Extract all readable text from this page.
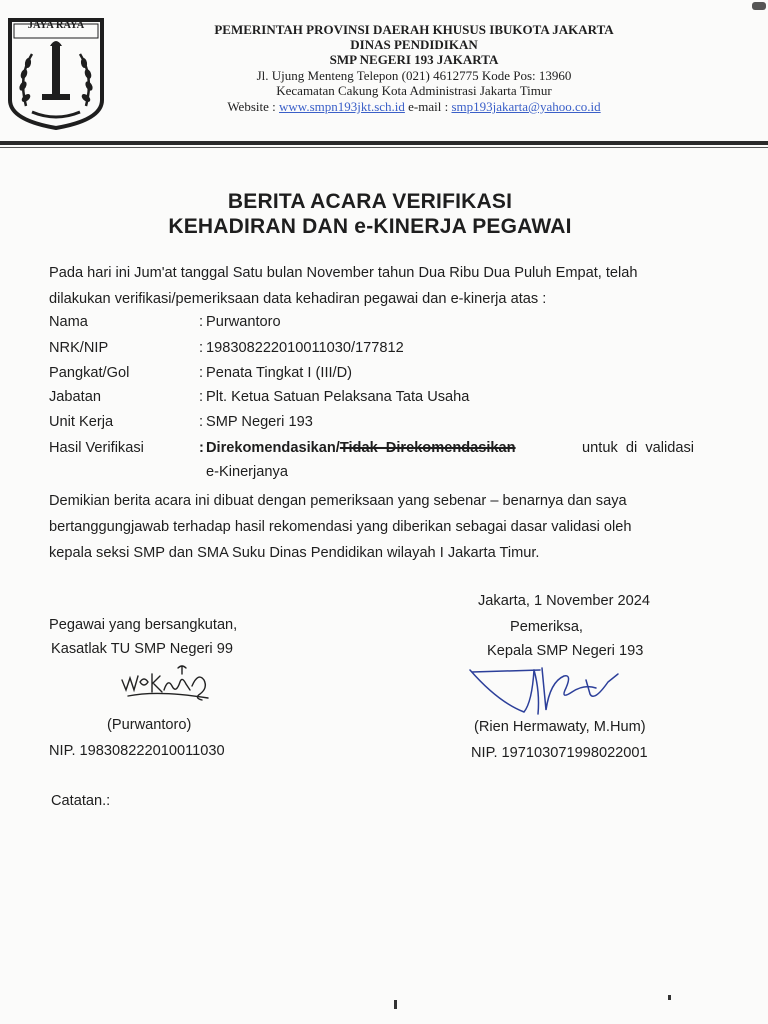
JAYA RAYA	PEMERINTAH PROVINSI DAERAH KHUSUS IBUKOTA JAKARTA
DINAS PENDIDIKAN
SMP NEGERI 193 JAKARTA
Jl. Ujung Menteng Telepon (021) 4612775 Kode Pos: 13960
Kecamatan Cakung Kota Administrasi Jakarta Timur
Website : www.smpn193jkt.sch.id e-mail : smp193jakarta@yahoo.co.id
BERITA ACARA VERIFIKASI
KEHADIRAN DAN e-KINERJA PEGAWAI
Pada hari ini Jum'at tanggal Satu bulan November tahun Dua Ribu Dua Puluh Empat, telah
dilakukan verifikasi/pemeriksaan data kehadiran pegawai dan e-kinerja atas :
Nama	: Purwantoro
NRK/NIP	: 198308222010011030/177812
Pangkat/Gol	: Penata Tingkat I (III/D)
Jabatan	: Plt. Ketua Satuan Pelaksana Tata Usaha
Unit Kerja	: SMP Negeri 193
Hasil Verifikasi	: Direkomendasikan/Tidak  Direkomendasikan	untuk  di  validasi
e-Kinerjanya
Demikian berita acara ini dibuat dengan pemeriksaan yang sebenar – benarnya dan saya
bertanggungjawab terhadap hasil rekomendasi yang diberikan sebagai dasar validasi oleh
kepala seksi SMP dan SMA Suku Dinas Pendidikan wilayah I Jakarta Timur.
Jakarta, 1 November 2024
Pegawai yang bersangkutan,
Kasatlak TU SMP Negeri 99
(Purwantoro)
NIP. 198308222010011030
Pemeriksa,
Kepala SMP Negeri 193
(Rien Hermawaty, M.Hum)
NIP. 197103071998022001
Catatan.:
